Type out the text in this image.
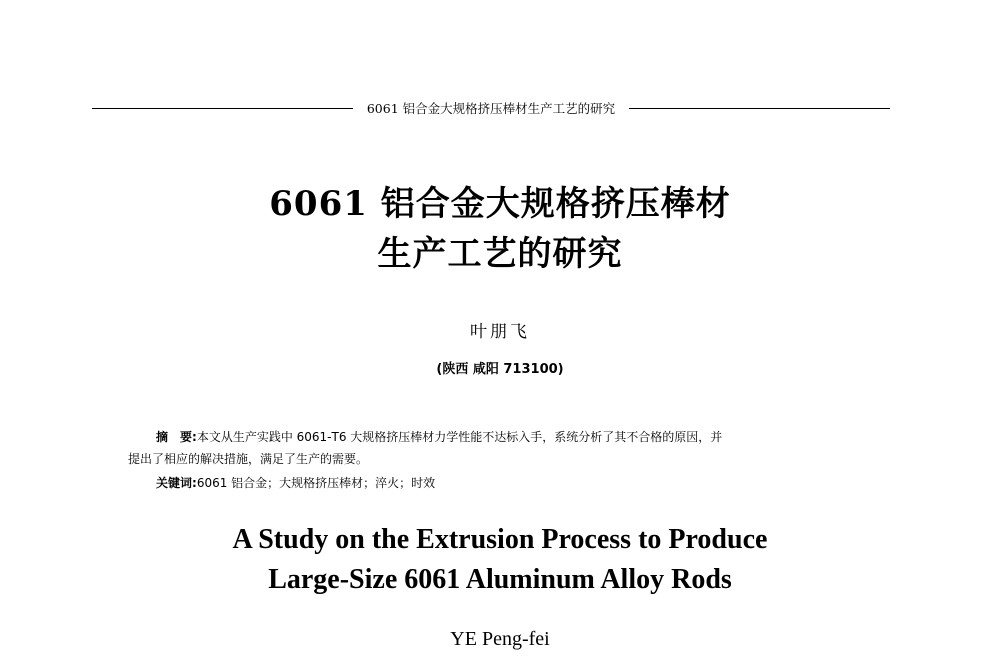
6061 铝合金大规格挤压棒材生产工艺的研究
6061 铝合金大规格挤压棒材
生产工艺的研究
叶朋飞
(陕西 咸阳 713100)
摘　要:本文从生产实践中 6061-T6 大规格挤压棒材力学性能不达标入手，系统分析了其不合格的原因，并
提出了相应的解决措施，满足了生产的需要。
关键词:6061 铝合金；大规格挤压棒材；淬火；时效
A Study on the Extrusion Process to Produce
Large-Size 6061 Aluminum Alloy Rods
YE Peng-fei
